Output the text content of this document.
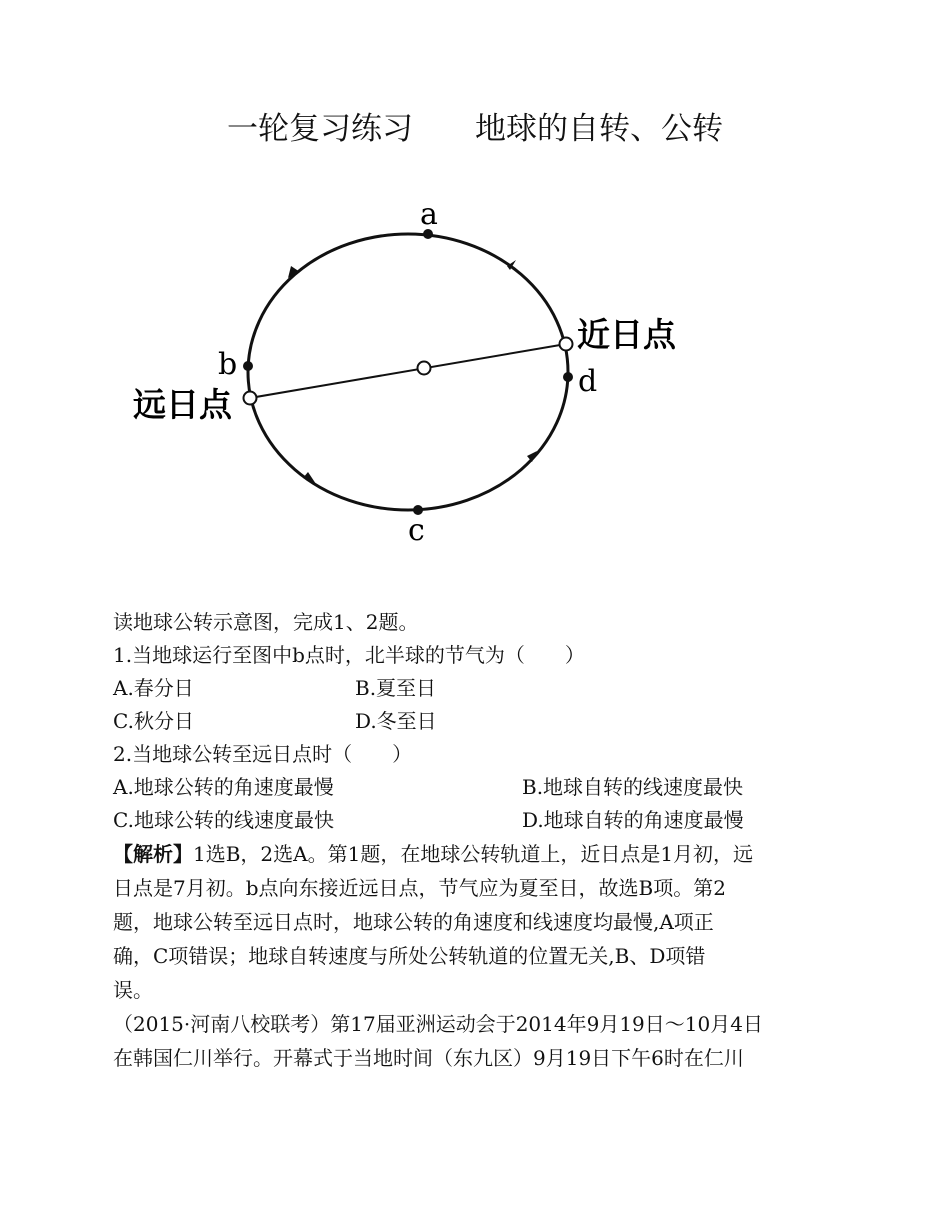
一轮复习练习 地球的自转、公转
a
b
c
d
近日点
远日点
读地球公转示意图，完成1、2题。
1.当地球运行至图中b点时，北半球的节气为（　　）
A.春分日	B.夏至日
C.秋分日	D.冬至日
2.当地球公转至远日点时（　　）
A.地球公转的角速度最慢	B.地球自转的线速度最快
C.地球公转的线速度最快	D.地球自转的角速度最慢
【解析】1选B，2选A。第1题，在地球公转轨道上，近日点是1月初，远
日点是7月初。b点向东接近远日点，节气应为夏至日，故选B项。第2
题，地球公转至远日点时，地球公转的角速度和线速度均最慢,A项正
确，C项错误；地球自转速度与所处公转轨道的位置无关,B、D项错
误。
（2015·河南八校联考）第17届亚洲运动会于2014年9月19日～10月4日
在韩国仁川举行。开幕式于当地时间（东九区）9月19日下午6时在仁川
